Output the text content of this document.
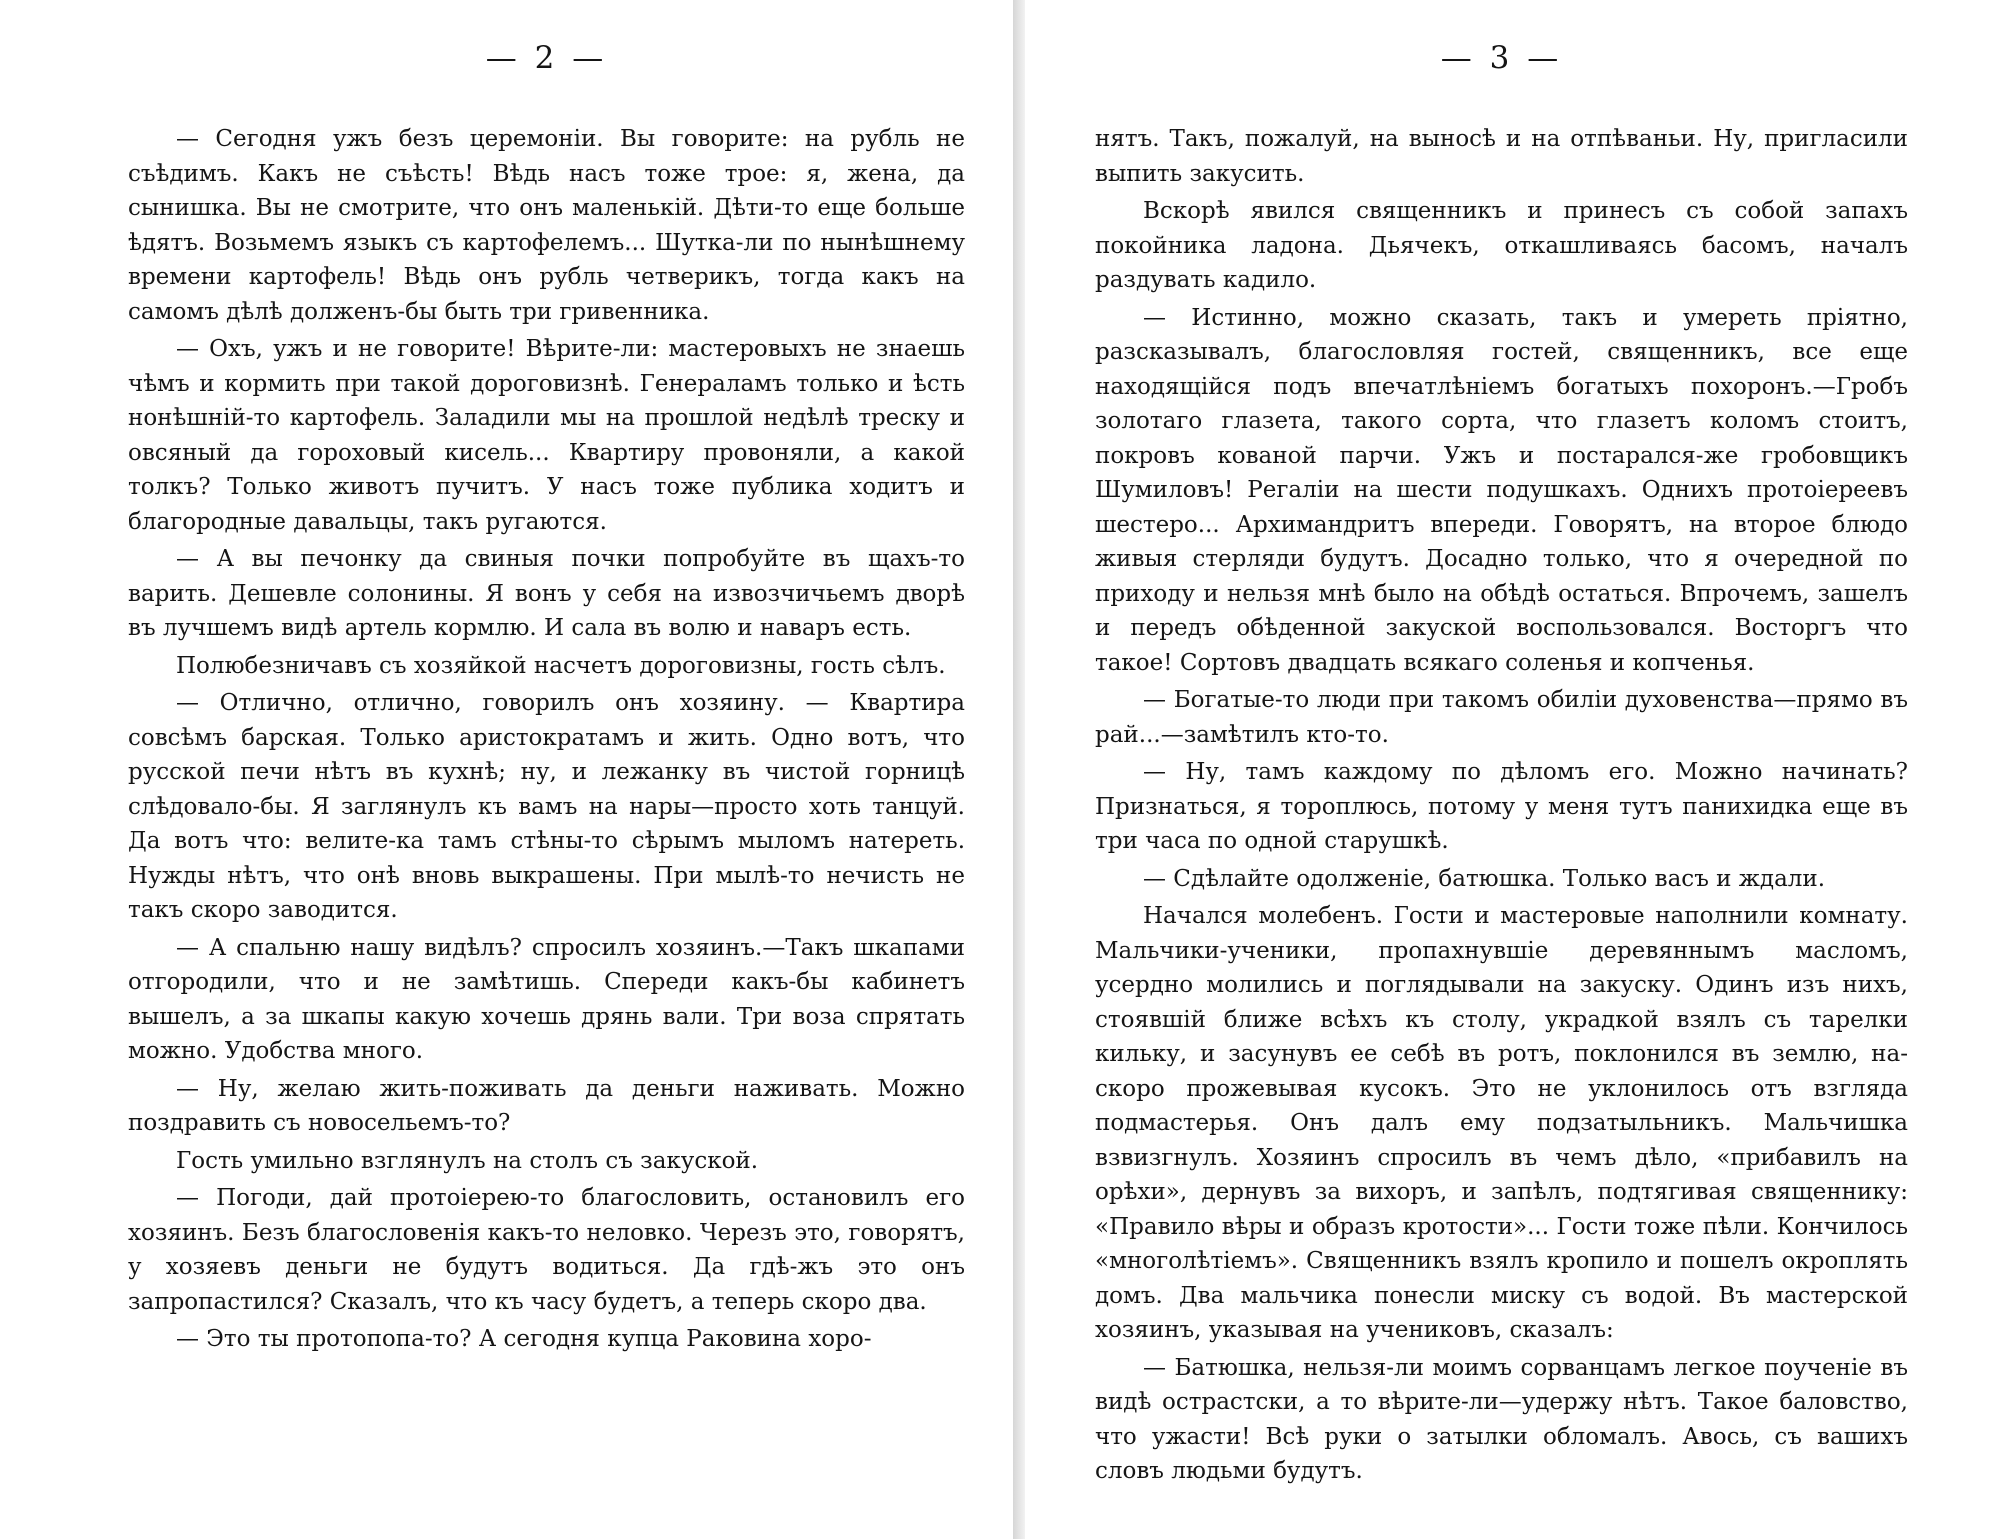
— 2 —

— Сегодня ужъ безъ церемоніи. Вы говорите: на рубль не съѣдимъ. Какъ не съѣсть! Вѣдь насъ тоже трое: я, жена, да сынишка. Вы не смотрите, что онъ маленькій. Дѣти-то еще больше ѣдятъ. Возьмемъ языкъ съ картофелемъ... Шутка-ли по нынѣшнему времени картофель! Вѣдь онъ рубль четверикъ, тогда какъ на самомъ дѣлѣ долженъ-бы быть три гривенника.

— Охъ, ужъ и не говорите! Вѣрите-ли: мастеровыхъ не знаешь чѣмъ и кормить при такой дороговизнѣ. Генераламъ только и ѣсть нонѣшній-то картофель. Заладили мы на прошлой недѣлѣ треску и овсяный да гороховый кисель... Квартиру провоняли, а какой толкъ? Только животъ пучитъ. У насъ тоже публика ходитъ и благородные давальцы, такъ ругаются.

— А вы печонку да свиныя почки попробуйте въ щахъ-то варить. Дешевле солонины. Я вонъ у себя на извозчичьемъ дворѣ въ лучшемъ видѣ артель кормлю. И сала въ волю и наваръ есть.

Полюбезничавъ съ хозяйкой насчетъ дороговизны, гость сѣлъ.

— Отлично, отлично, говорилъ онъ хозяину. — Квартира совсѣмъ барская. Только аристократамъ и жить. Одно вотъ, что русской печи нѣтъ въ кухнѣ; ну, и лежанку въ чистой горницѣ слѣдовало-бы. Я заглянулъ къ вамъ на нары—просто хоть танцуй. Да вотъ что: велите-ка тамъ стѣны-то сѣрымъ мыломъ натереть. Нужды нѣтъ, что онѣ вновь выкрашены. При мылѣ-то нечисть не такъ скоро заводится.

— А спальню нашу видѣлъ? спросилъ хозяинъ.—Такъ шкапами отгородили, что и не замѣтишь. Спереди какъ-бы кабинетъ вышелъ, а за шкапы какую хочешь дрянь вали. Три воза спрятать можно. Удобства много.

— Ну, желаю жить-поживать да деньги наживать. Можно поздравить съ новосельемъ-то?

Гость умильно взглянулъ на столъ съ закуской.

— Погоди, дай протоіерею-то благословить, остановилъ его хозяинъ. Безъ благословенія какъ-то неловко. Черезъ это, говорятъ, у хозяевъ деньги не будутъ водиться. Да гдѣ-жъ это онъ запропастился? Сказалъ, что къ часу будетъ, а теперь скоро два.

— Это ты протопопа-то? А сегодня купца Раковина хоро-

— 3 —

нятъ. Такъ, пожалуй, на выносѣ и на отпѣваньи. Ну, пригласили выпить закусить.

Вскорѣ явился священникъ и принесъ съ собой запахъ покойника ладона. Дьячекъ, откашливаясь басомъ, началъ раздувать кадило.

— Истинно, можно сказать, такъ и умереть пріятно, разсказывалъ, благословляя гостей, священникъ, все еще находящійся подъ впечатлѣніемъ богатыхъ похоронъ.—Гробъ золотаго глазета, такого сорта, что глазетъ коломъ стоитъ, покровъ кованой парчи. Ужъ и постарался-же гробовщикъ Шумиловъ! Регаліи на шести подушкахъ. Однихъ протоіереевъ шестеро... Архимандритъ впереди. Говорятъ, на второе блюдо живыя стерляди будутъ. Досадно только, что я очередной по приходу и нельзя мнѣ было на обѣдѣ остаться. Впрочемъ, зашелъ и передъ обѣденной закуской воспользовался. Восторгъ что такое! Сортовъ двадцать всякаго соленья и копченья.

— Богатые-то люди при такомъ обиліи духовенства—прямо въ рай...—замѣтилъ кто-то.

— Ну, тамъ каждому по дѣломъ его. Можно начинать? Признаться, я тороплюсь, потому у меня тутъ панихидка еще въ три часа по одной старушкѣ.

— Сдѣлайте одолженіе, батюшка. Только васъ и ждали.

Начался молебенъ. Гости и мастеровые наполнили комнату. Мальчики-ученики, пропахнувшіе деревяннымъ масломъ, усердно молились и поглядывали на закуску. Одинъ изъ нихъ, стоявшій ближе всѣхъ къ столу, украдкой взялъ съ тарелки кильку, и засунувъ ее себѣ въ ротъ, поклонился въ землю, на-скоро прожевывая кусокъ. Это не уклонилось отъ взгляда подмастерья. Онъ далъ ему подзатыльникъ. Мальчишка взвизгнулъ. Хозяинъ спросилъ въ чемъ дѣло, «прибавилъ на орѣхи», дернувъ за вихоръ, и запѣлъ, подтягивая священнику: «Правило вѣры и образъ кротости»... Гости тоже пѣли. Кончилось «многолѣтіемъ». Священникъ взялъ кропило и пошелъ окроплять домъ. Два мальчика понесли миску съ водой. Въ мастерской хозяинъ, указывая на учениковъ, сказалъ:

— Батюшка, нельзя-ли моимъ сорванцамъ легкое поученіе въ видѣ острастски, а то вѣрите-ли—удержу нѣтъ. Такое баловство, что ужасти! Всѣ руки о затылки обломалъ. Авось, съ вашихъ словъ людьми будутъ.
